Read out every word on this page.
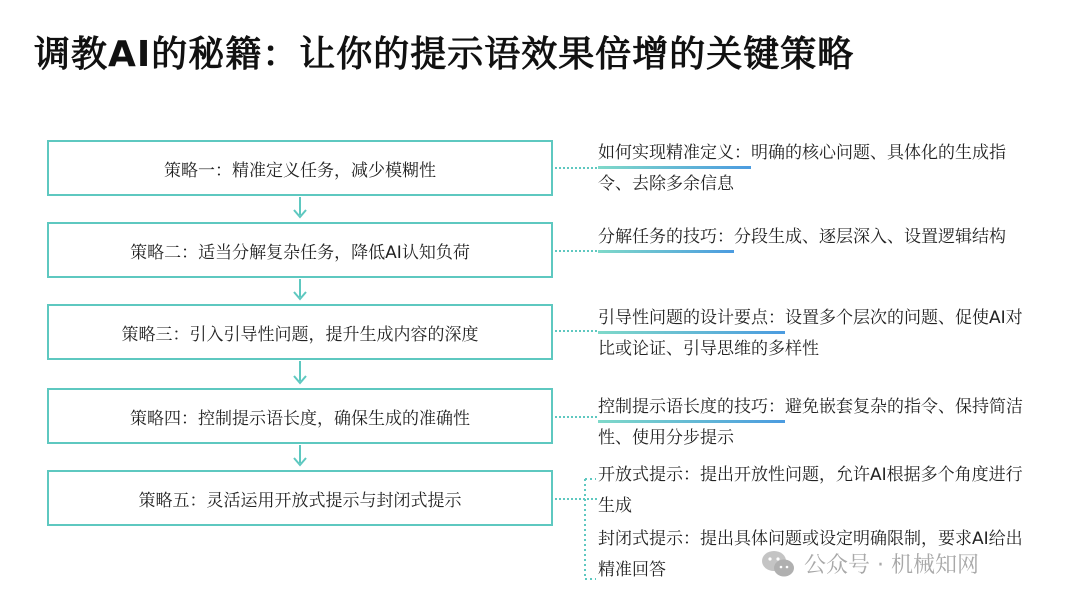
调教AI的秘籍：让你的提示语效果倍增的关键策略
策略一：精准定义任务，减少模糊性
策略二：适当分解复杂任务，降低AI认知负荷
策略三：引入引导性问题，提升生成内容的深度
策略四：控制提示语长度，确保生成的准确性
策略五：灵活运用开放式提示与封闭式提示
如何实现精准定义：明确的核心问题、具体化的生成指令、去除多余信息
分解任务的技巧：分段生成、逐层深入、设置逻辑结构
引导性问题的设计要点：设置多个层次的问题、促使AI对比或论证、引导思维的多样性
控制提示语长度的技巧：避免嵌套复杂的指令、保持简洁性、使用分步提示
开放式提示：提出开放性问题，允许AI根据多个角度进行生成
封闭式提示：提出具体问题或设定明确限制，要求AI给出精准回答	公众号 · 机械知网
